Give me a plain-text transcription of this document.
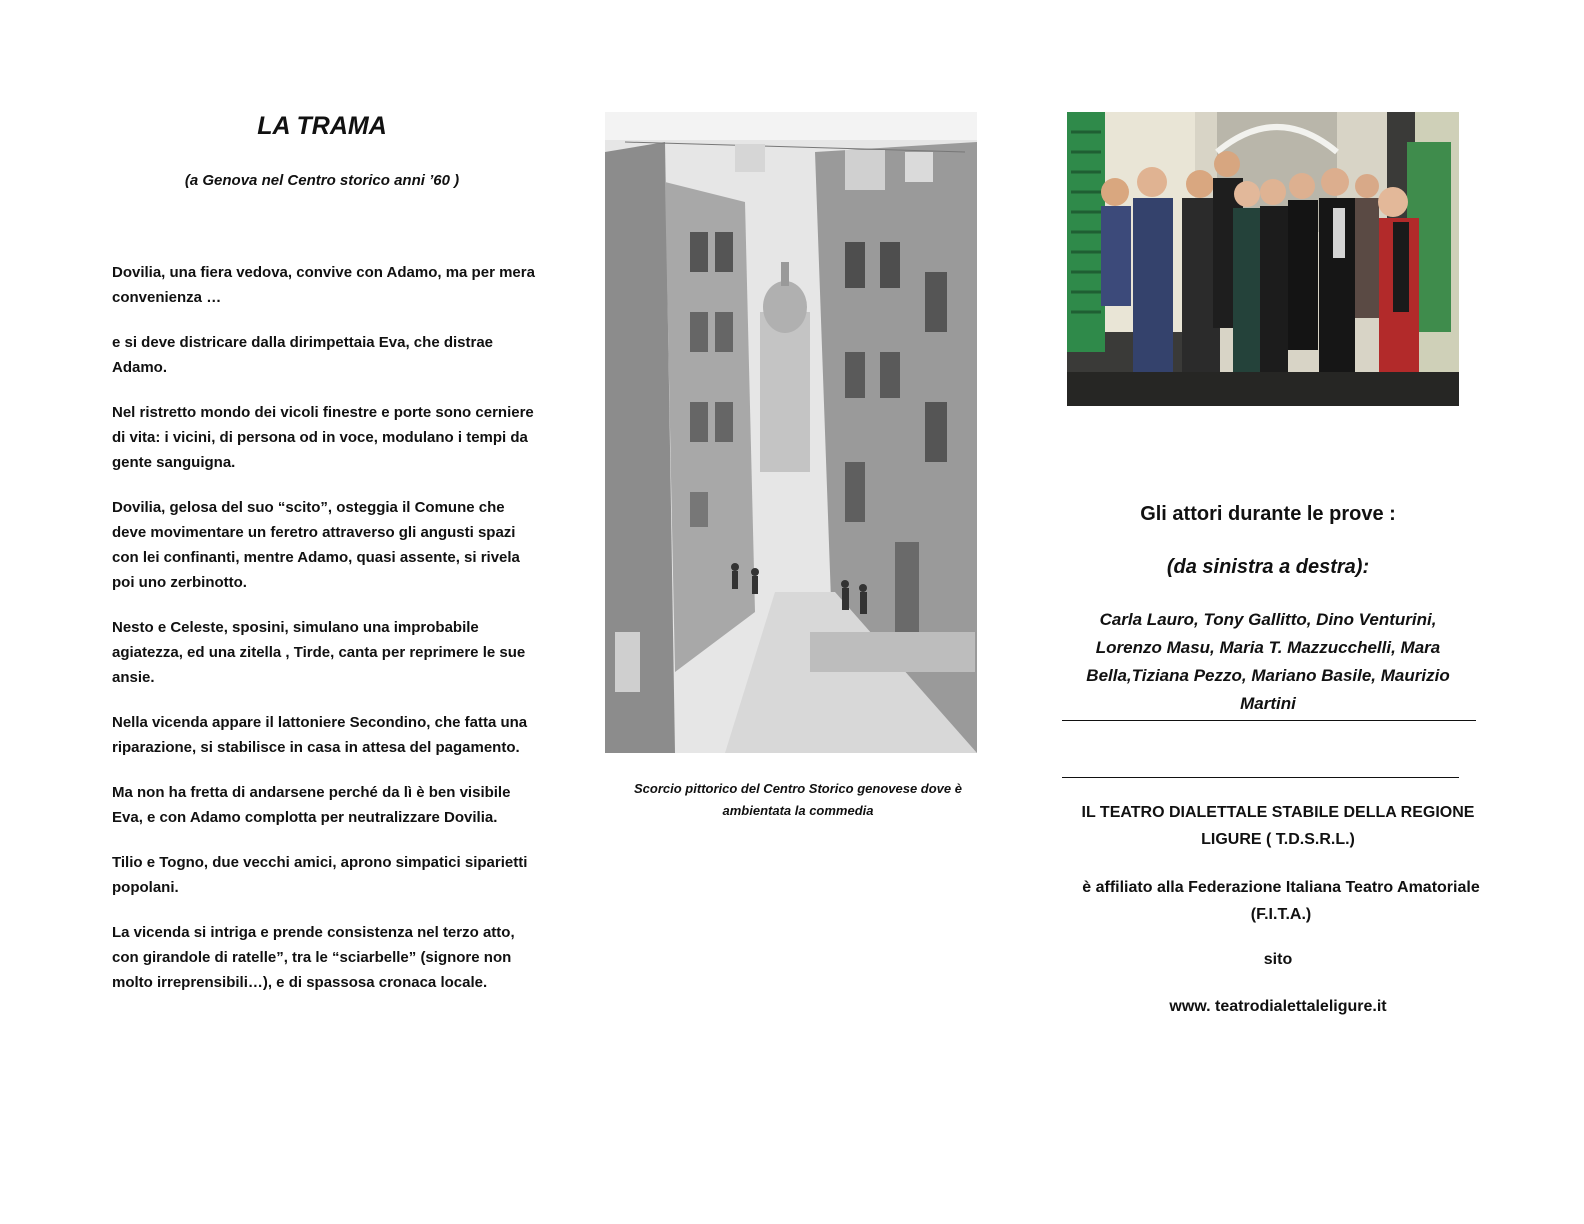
LA TRAMA
(a Genova nel Centro storico anni ’60 )

Dovilia, una fiera vedova, convive con Adamo, ma per mera convenienza …

e si deve districare dalla dirimpettaia Eva, che distrae Adamo.

Nel ristretto mondo dei vicoli finestre e porte sono cerniere di vita: i vicini, di persona od in voce, modulano i tempi da gente sanguigna.

Dovilia, gelosa del suo “scito”, osteggia il Comune che deve movimentare un feretro attraverso gli angusti spazi con lei confinanti, mentre Adamo, quasi assente, si rivela poi uno zerbinotto.

Nesto e Celeste, sposini, simulano una improbabile agiatezza, ed una zitella , Tirde, canta per reprimere le sue ansie.

Nella vicenda appare il lattoniere Secondino, che fatta una riparazione, si stabilisce in casa in attesa del pagamento.

Ma non ha fretta di andarsene perché da lì è ben visibile Eva, e con Adamo complotta per neutralizzare Dovilia.

Tilio e Togno, due vecchi amici, aprono simpatici siparietti popolani.

La vicenda si intriga e prende consistenza nel terzo atto, con girandole di ratelle”, tra le “sciarbelle” (signore non molto irreprensibili…), e di spassosa cronaca locale.

Scorcio pittorico del Centro Storico genovese dove è ambientata la commedia
Gli attori durante le prove :
(da sinistra a destra):
Carla Lauro, Tony Gallitto, Dino Venturini, Lorenzo Masu, Maria T. Mazzucchelli, Mara Bella,Tiziana Pezzo, Mariano Basile, Maurizio Martini
IL TEATRO DIALETTALE STABILE DELLA REGIONE LIGURE ( T.D.S.R.L.)
è affiliato alla Federazione Italiana Teatro Amatoriale (F.I.T.A.)
sito
www. teatrodialettaleligure.it
